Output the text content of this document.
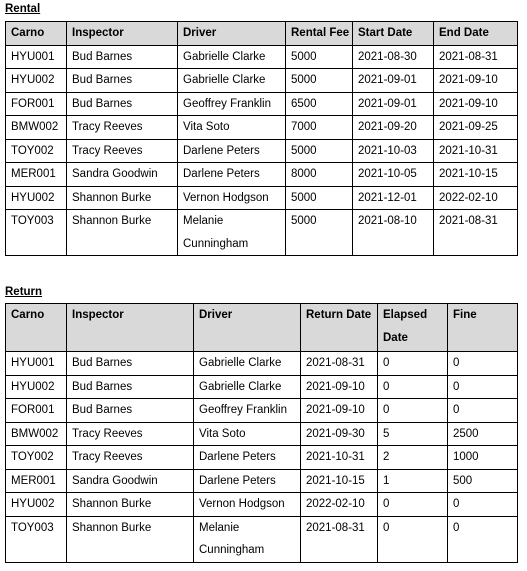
Rental
Carno	Inspector	Driver	Rental Fee	Start Date	End Date
HYU001	Bud Barnes	Gabrielle Clarke	5000	2021-08-30	2021-08-31
HYU002	Bud Barnes	Gabrielle Clarke	5000	2021-09-01	2021-09-10
FOR001	Bud Barnes	Geoffrey Franklin	6500	2021-09-01	2021-09-10
BMW002	Tracy Reeves	Vita Soto	7000	2021-09-20	2021-09-25
TOY002	Tracy Reeves	Darlene Peters	5000	2021-10-03	2021-10-31
MER001	Sandra Goodwin	Darlene Peters	8000	2021-10-05	2021-10-15
HYU002	Shannon Burke	Vernon Hodgson	5000	2021-12-01	2022-02-10
TOY003	Shannon Burke	Melanie Cunningham	5000	2021-08-10	2021-08-31
Return
Carno	Inspector	Driver	Return Date	Elapsed Date	Fine
HYU001	Bud Barnes	Gabrielle Clarke	2021-08-31	0	0
HYU002	Bud Barnes	Gabrielle Clarke	2021-09-10	0	0
FOR001	Bud Barnes	Geoffrey Franklin	2021-09-10	0	0
BMW002	Tracy Reeves	Vita Soto	2021-09-30	5	2500
TOY002	Tracy Reeves	Darlene Peters	2021-10-31	2	1000
MER001	Sandra Goodwin	Darlene Peters	2021-10-15	1	500
HYU002	Shannon Burke	Vernon Hodgson	2022-02-10	0	0
TOY003	Shannon Burke	Melanie Cunningham	2021-08-31	0	0
